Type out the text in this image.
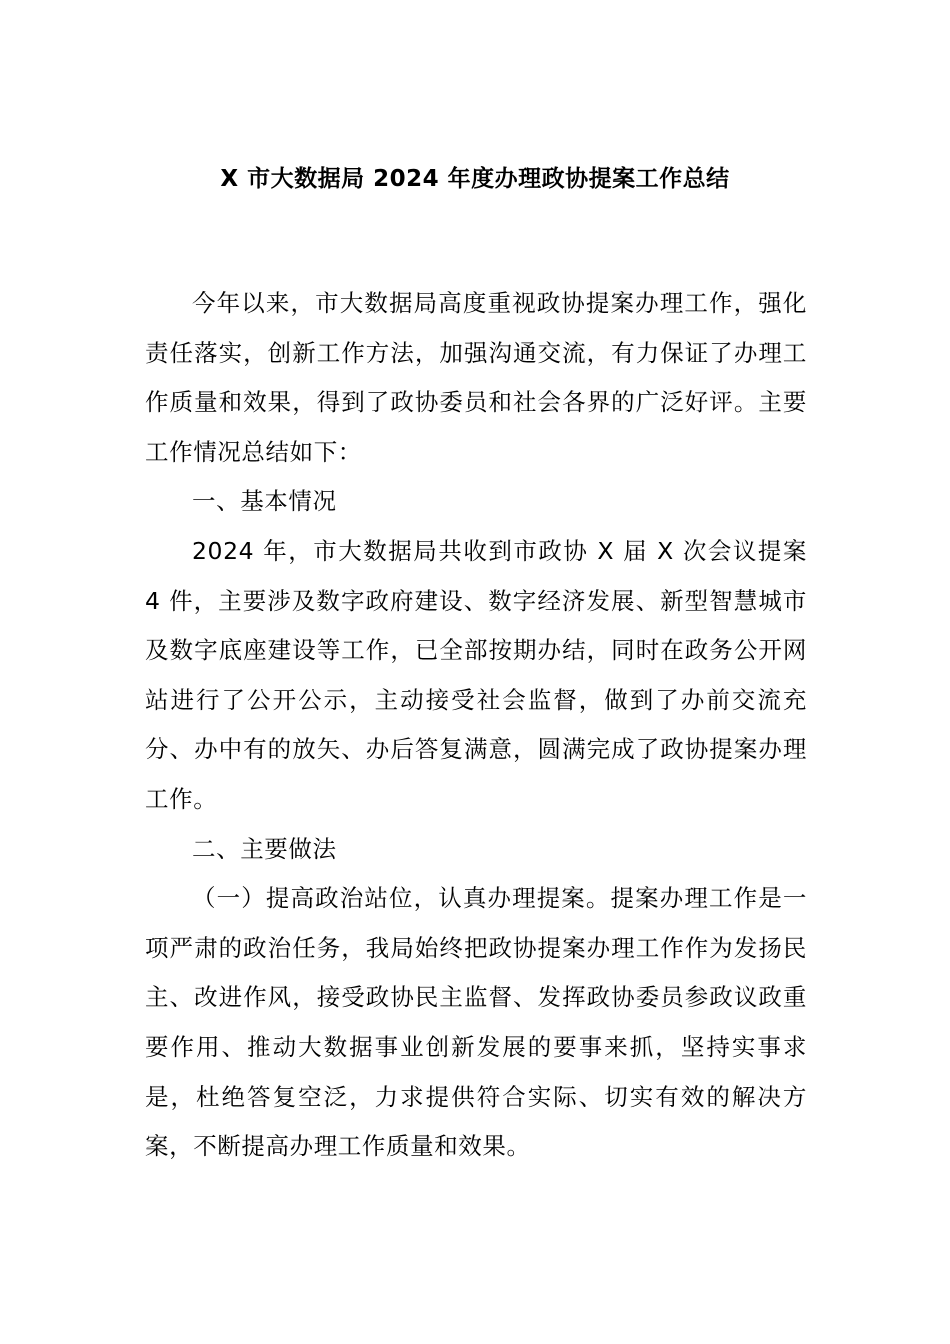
X 市大数据局 2024 年度办理政协提案工作总结

今年以来，市大数据局高度重视政协提案办理工作，强化责任落实，创新工作方法，加强沟通交流，有力保证了办理工作质量和效果，得到了政协委员和社会各界的广泛好评。主要工作情况总结如下：

一、基本情况

2024 年，市大数据局共收到市政协 X 届 X 次会议提案 4 件，主要涉及数字政府建设、数字经济发展、新型智慧城市及数字底座建设等工作，已全部按期办结，同时在政务公开网站进行了公开公示，主动接受社会监督，做到了办前交流充分、办中有的放矢、办后答复满意，圆满完成了政协提案办理工作。

二、主要做法

（一）提高政治站位，认真办理提案。提案办理工作是一项严肃的政治任务，我局始终把政协提案办理工作作为发扬民主、改进作风，接受政协民主监督、发挥政协委员参政议政重要作用、推动大数据事业创新发展的要事来抓，坚持实事求是，杜绝答复空泛，力求提供符合实际、切实有效的解决方案，不断提高办理工作质量和效果。
